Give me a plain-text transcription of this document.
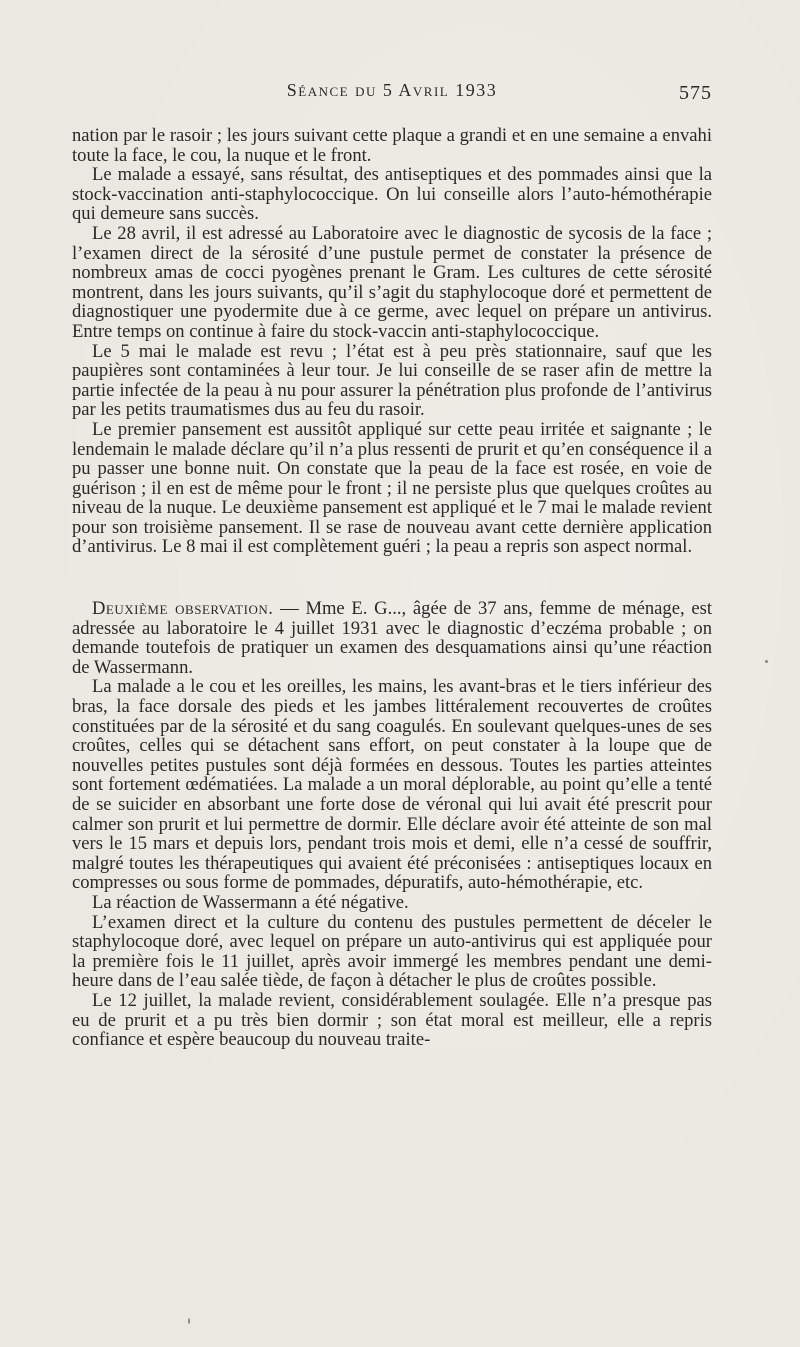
Séance du 5 Avril 1933	575

nation par le rasoir ; les jours suivant cette plaque a grandi et en une semaine a envahi toute la face, le cou, la nuque et le front.

Le malade a essayé, sans résultat, des antiseptiques et des pommades ainsi que la stock-vaccination anti-staphylococcique. On lui conseille alors l’auto-hémothérapie qui demeure sans succès.

Le 28 avril, il est adressé au Laboratoire avec le diagnostic de sycosis de la face ; l’examen direct de la sérosité d’une pustule permet de constater la présence de nombreux amas de cocci pyogènes prenant le Gram. Les cultures de cette sérosité montrent, dans les jours suivants, qu’il s’agit du staphylocoque doré et permettent de diagnostiquer une pyodermite due à ce germe, avec lequel on prépare un antivirus. Entre temps on continue à faire du stock-vaccin anti-staphylococcique.

Le 5 mai le malade est revu ; l’état est à peu près stationnaire, sauf que les paupières sont contaminées à leur tour. Je lui conseille de se raser afin de mettre la partie infectée de la peau à nu pour assurer la pénétration plus profonde de l’antivirus par les petits traumatismes dus au feu du rasoir.

Le premier pansement est aussitôt appliqué sur cette peau irritée et saignante ; le lendemain le malade déclare qu’il n’a plus ressenti de prurit et qu’en conséquence il a pu passer une bonne nuit. On constate que la peau de la face est rosée, en voie de guérison ; il en est de même pour le front ; il ne persiste plus que quelques croûtes au niveau de la nuque. Le deuxième pansement est appliqué et le 7 mai le malade revient pour son troisième pansement. Il se rase de nouveau avant cette dernière application d’antivirus. Le 8 mai il est complètement guéri ; la peau a repris son aspect normal.

Deuxième observation. — Mme E. G..., âgée de 37 ans, femme de ménage, est adressée au laboratoire le 4 juillet 1931 avec le diagnostic d’eczéma probable ; on demande toutefois de pratiquer un examen des desquamations ainsi qu’une réaction de Wassermann.

La malade a le cou et les oreilles, les mains, les avant-bras et le tiers inférieur des bras, la face dorsale des pieds et les jambes littéralement recouvertes de croûtes constituées par de la sérosité et du sang coagulés. En soulevant quelques-unes de ses croûtes, celles qui se détachent sans effort, on peut constater à la loupe que de nouvelles petites pustules sont déjà formées en dessous. Toutes les parties atteintes sont fortement œdématiées. La malade a un moral déplorable, au point qu’elle a tenté de se suicider en absorbant une forte dose de véronal qui lui avait été prescrit pour calmer son prurit et lui permettre de dormir. Elle déclare avoir été atteinte de son mal vers le 15 mars et depuis lors, pendant trois mois et demi, elle n’a cessé de souffrir, malgré toutes les thérapeutiques qui avaient été préconisées : antiseptiques locaux en compresses ou sous forme de pommades, dépuratifs, auto-hémothérapie, etc.

La réaction de Wassermann a été négative.

L’examen direct et la culture du contenu des pustules permettent de déceler le staphylocoque doré, avec lequel on prépare un auto-antivirus qui est appliquée pour la première fois le 11 juillet, après avoir immergé les membres pendant une demi-heure dans de l’eau salée tiède, de façon à détacher le plus de croûtes possible.

Le 12 juillet, la malade revient, considérablement soulagée. Elle n’a presque pas eu de prurit et a pu très bien dormir ; son état moral est meilleur, elle a repris confiance et espère beaucoup du nouveau traite-
